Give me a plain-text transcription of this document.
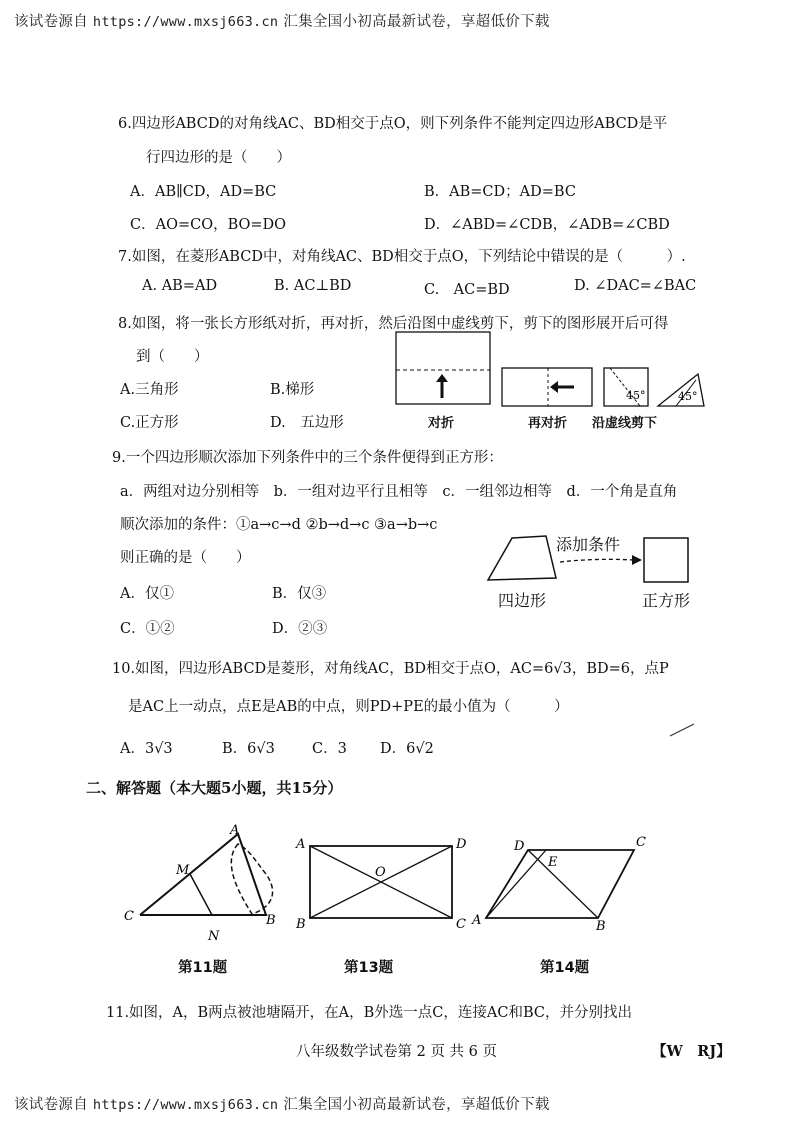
该试卷源自 https://www.mxsj663.cn 汇集全国小初高最新试卷，享超低价下载
6.四边形ABCD的对角线AC、BD相交于点O，则下列条件不能判定四边形ABCD是平
行四边形的是（　　）
A．AB∥CD，AD=BC	B．AB=CD；AD=BC
C．AO=CO，BO=DO	D．∠ABD=∠CDB，∠ADB=∠CBD
7.如图，在菱形ABCD中，对角线AC、BD相交于点O，下列结论中错误的是（　　　）.
A. AB=AD	B. AC⊥BD	C.　AC=BD	D. ∠DAC=∠BAC
8.如图，将一张长方形纸对折，再对折，然后沿图中虚线剪下，剪下的图形展开后可得
到（　　）
A.三角形	B.梯形
C.正方形	D.　五边形
45°	45°
对折	再对折 沿虚线剪下
9.一个四边形顺次添加下列条件中的三个条件便得到正方形：
a．两组对边分别相等　b．一组对边平行且相等　c．一组邻边相等　d．一个角是直角
顺次添加的条件：①a→c→d ②b→d→c ③a→b→c
则正确的是（　　）
A．仅①	B．仅③
C．①②	D．②③
添加条件
四边形	正方形
10.如图，四边形ABCD是菱形，对角线AC，BD相交于点O，AC=6√3，BD=6，点P
是AC上一动点，点E是AB的中点，则PD+PE的最小值为（　　　）
A．3√3	B．6√3	C．3 D．6√2
二、解答题（本大题5小题，共15分）
A
M
C
N
B
第11题
A	D
O
B	C
第13题
D
E
C
A	B
第14题
11.如图，A，B两点被池塘隔开，在A，B外选一点C，连接AC和BC，并分别找出
八年级数学试卷第 2 页 共 6 页	【W　RJ】
该试卷源自 https://www.mxsj663.cn 汇集全国小初高最新试卷，享超低价下载
